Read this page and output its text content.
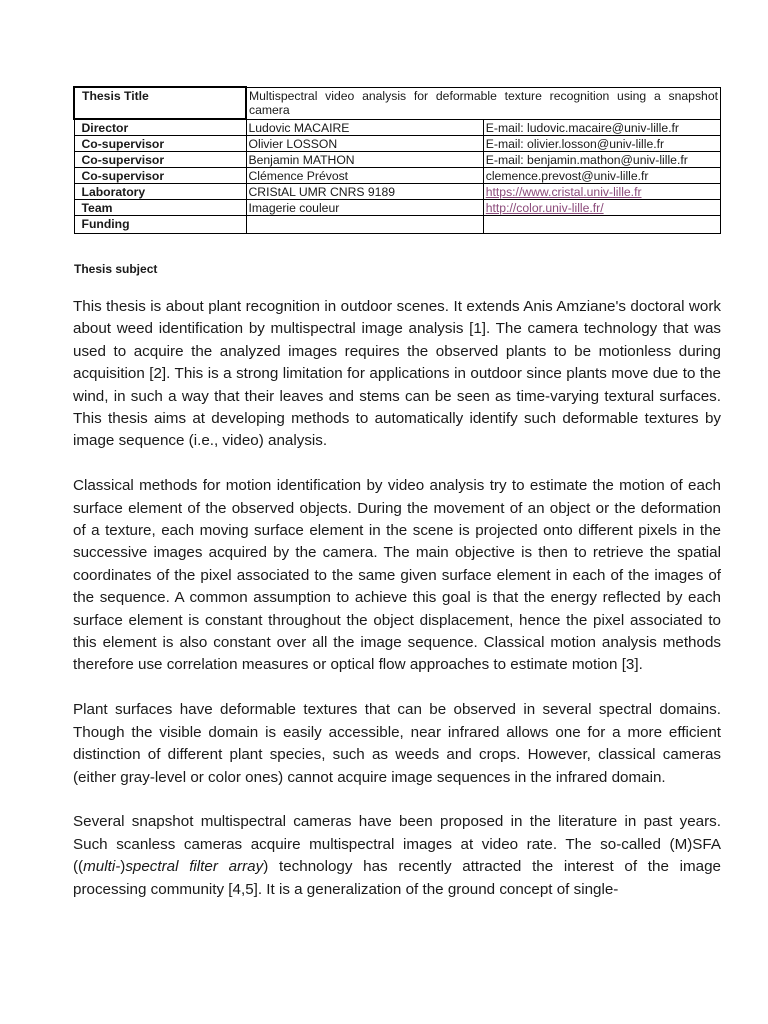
Thesis Title	Multispectral video analysis for deformable texture recognition using a snapshot camera	
Director	Ludovic MACAIRE	E-mail: ludovic.macaire@univ-lille.fr
Co-supervisor	Olivier LOSSON	E-mail: olivier.losson@univ-lille.fr
Co-supervisor	Benjamin MATHON	E-mail: benjamin.mathon@univ-lille.fr
Co-supervisor	Clémence Prévost	clemence.prevost@univ-lille.fr
Laboratory	CRIStAL UMR CNRS 9189	https://www.cristal.univ-lille.fr
Team	Imagerie couleur	http://color.univ-lille.fr/
Funding		
Thesis subject

This thesis is about plant recognition in outdoor scenes. It extends Anis Amziane's doctoral work about weed identification by multispectral image analysis [1]. The camera technology that was used to acquire the analyzed images requires the observed plants to be motionless during acquisition [2]. This is a strong limitation for applications in outdoor since plants move due to the wind, in such a way that their leaves and stems can be seen as time-varying textural surfaces. This thesis aims at developing methods to automatically identify such deformable textures by image sequence (i.e., video) analysis.

Classical methods for motion identification by video analysis try to estimate the motion of each surface element of the observed objects. During the movement of an object or the deformation of a texture, each moving surface element in the scene is projected onto different pixels in the successive images acquired by the camera. The main objective is then to retrieve the spatial coordinates of the pixel associated to the same given surface element in each of the images of the sequence. A common assumption to achieve this goal is that the energy reflected by each surface element is constant throughout the object displacement, hence the pixel associated to this element is also constant over all the image sequence. Classical motion analysis methods therefore use correlation measures or optical flow approaches to estimate motion [3].

Plant surfaces have deformable textures that can be observed in several spectral domains. Though the visible domain is easily accessible, near infrared allows one for a more efficient distinction of different plant species, such as weeds and crops. However, classical cameras (either gray-level or color ones) cannot acquire image sequences in the infrared domain.

Several snapshot multispectral cameras have been proposed in the literature in past years. Such scanless cameras acquire multispectral images at video rate. The so-called (M)SFA ((multi-)spectral filter array) technology has recently attracted the interest of the image processing community [4,5]. It is a generalization of the ground concept of single-
